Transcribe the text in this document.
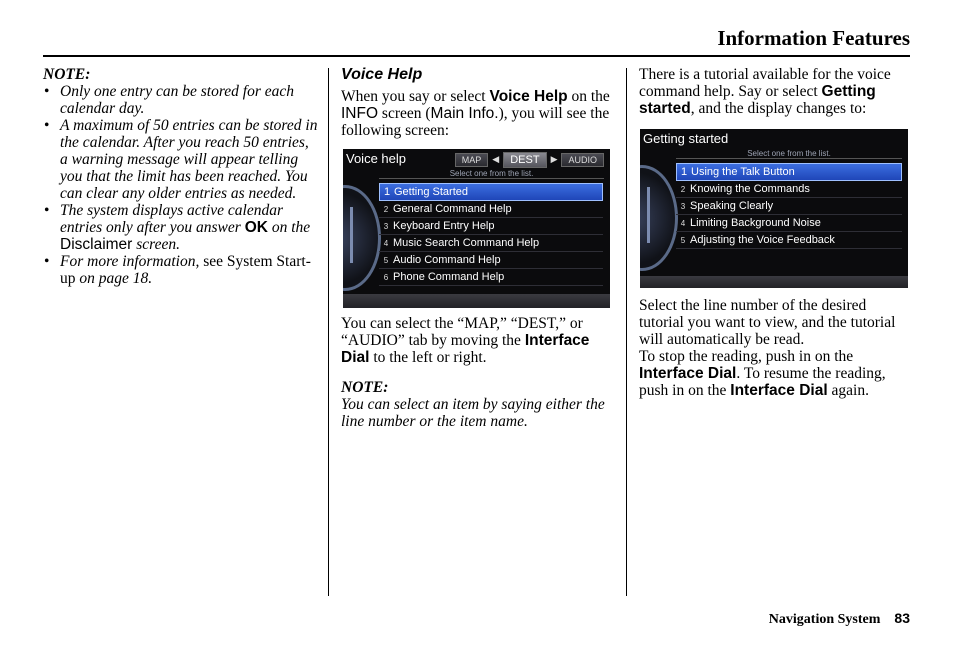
Information Features

NOTE:

• Only one entry can be stored for each calendar day.
• A maximum of 50 entries can be stored in the calendar. After you reach 50 entries, a warning message will appear telling you that the limit has been reached. You can clear any older entries as needed.
• The system displays active calendar entries only after you answer OK on the Disclaimer screen.
• For more information, see System Start-up on page 18.

Voice Help

When you say or select Voice Help on the INFO screen (Main Info.), you will see the following screen:

You can select the “MAP,” “DEST,” or “AUDIO” tab by moving the Interface Dial to the left or right.

NOTE:

You can select an item by saying either the line number or the item name.

Voice help	MAP	◀	DEST	▶	AUDIO
Select one from the list.
1 Getting Started
2 General Command Help
3 Keyboard Entry Help
4 Music Search Command Help
5 Audio Command Help
6 Phone Command Help

There is a tutorial available for the voice command help. Say or select Getting started, and the display changes to:

Select the line number of the desired tutorial you want to view, and the tutorial will automatically be read.

To stop the reading, push in on the Interface Dial. To resume the reading, push in on the Interface Dial again.

Getting started
Select one from the list.
1 Using the Talk Button
2 Knowing the Commands
3 Speaking Clearly
4 Limiting Background Noise
5 Adjusting the Voice Feedback
Navigation System 83
